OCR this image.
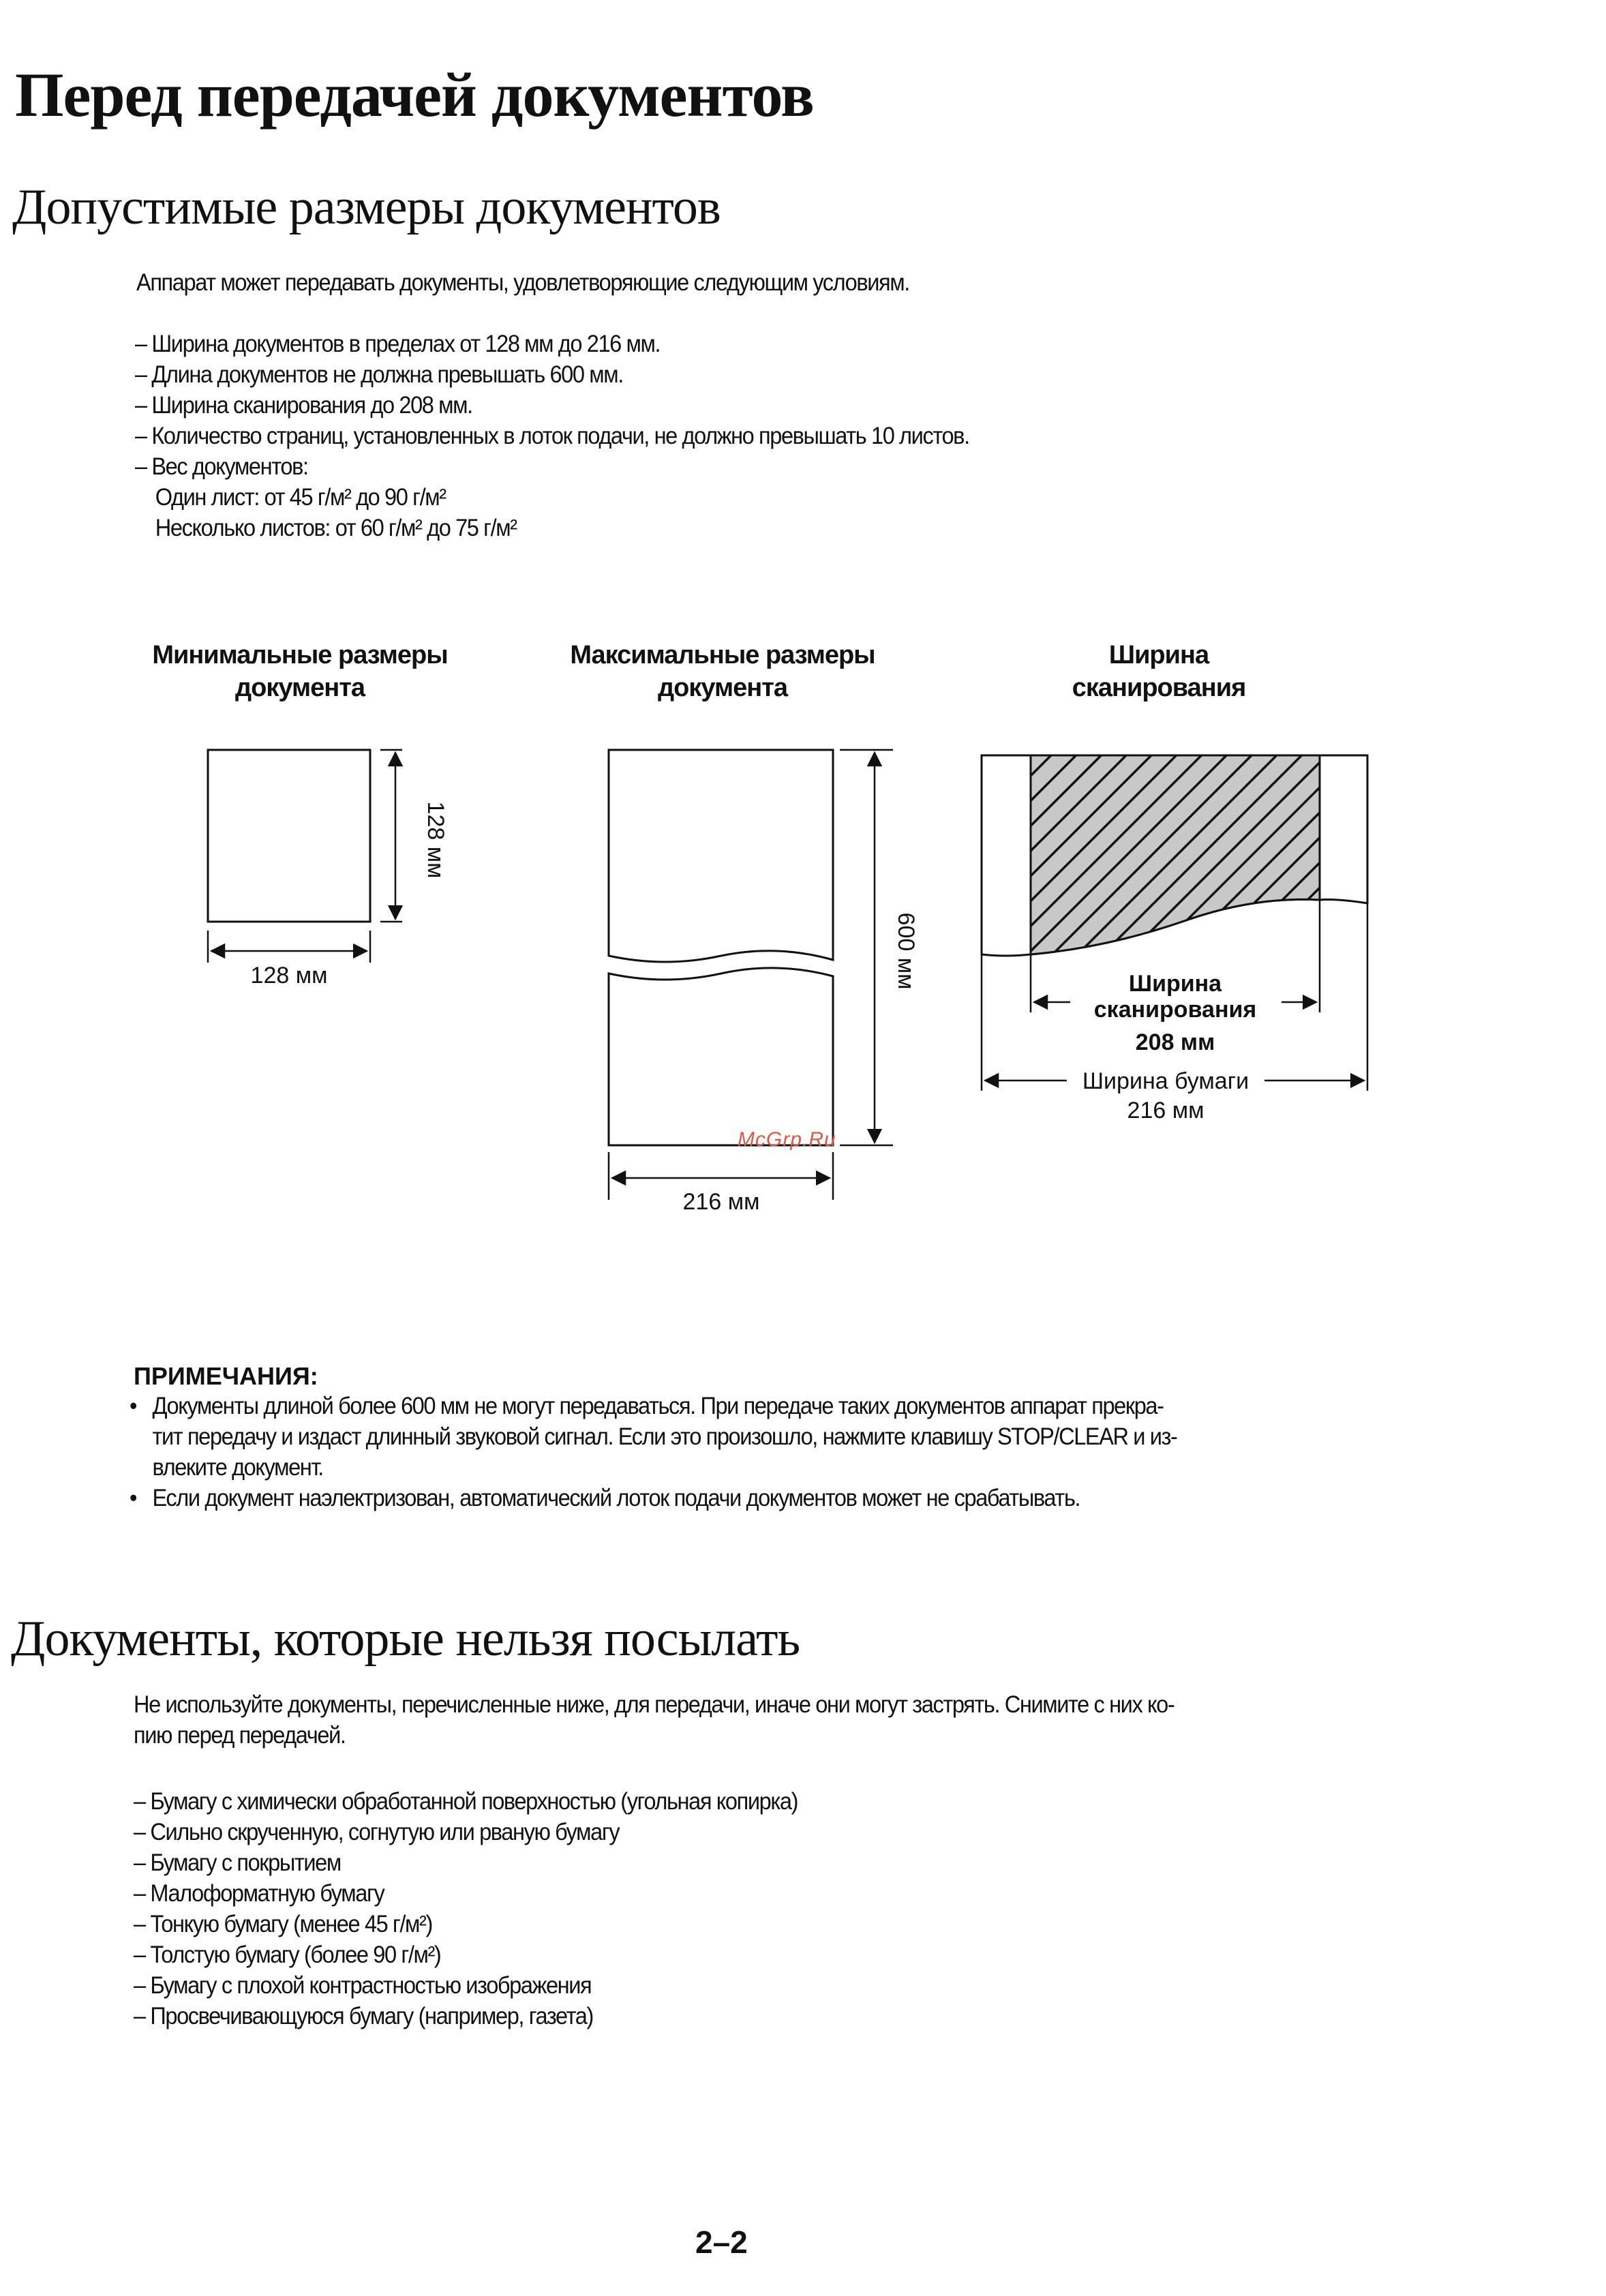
Перед передачей документов
Допустимые размеры документов
Аппарат может передавать документы, удовлетворяющие следующим условиям.
– Ширина документов в пределах от 128 мм до 216 мм.
– Длина документов не должна превышать 600 мм.
– Ширина сканирования до 208 мм.
– Количество страниц, установленных в лоток подачи, не должно превышать 10 листов.
– Вес документов:
Один лист: от 45 г/м² до 90 г/м²
Несколько листов: от 60 г/м² до 75 г/м²
Минимальные размеры
документа
Максимальные размеры
документа
Ширина
сканирования
128 мм
128 мм	600 мм
216 мм
Ширина
сканирования
208 мм
Ширина бумаги
216 мм
McGrp.Ru
ПРИМЕЧАНИЯ:
• Документы длиной более 600 мм не могут передаваться. При передаче таких документов аппарат прекра-
тит передачу и издаст длинный звуковой сигнал. Если это произошло, нажмите клавишу STOP/CLEAR и из-
влеките документ.
• Если документ наэлектризован, автоматический лоток подачи документов может не срабатывать.
Документы, которые нельзя посылать
Не используйте документы, перечисленные ниже, для передачи, иначе они могут застрять. Снимите с них ко-
пию перед передачей.
– Бумагу с химически обработанной поверхностью (угольная копирка)
– Сильно скрученную, согнутую или рваную бумагу
– Бумагу с покрытием
– Малоформатную бумагу
– Тонкую бумагу (менее 45 г/м²)
– Толстую бумагу (более 90 г/м²)
– Бумагу с плохой контрастностью изображения
– Просвечивающуюся бумагу (например, газета)
2–2
